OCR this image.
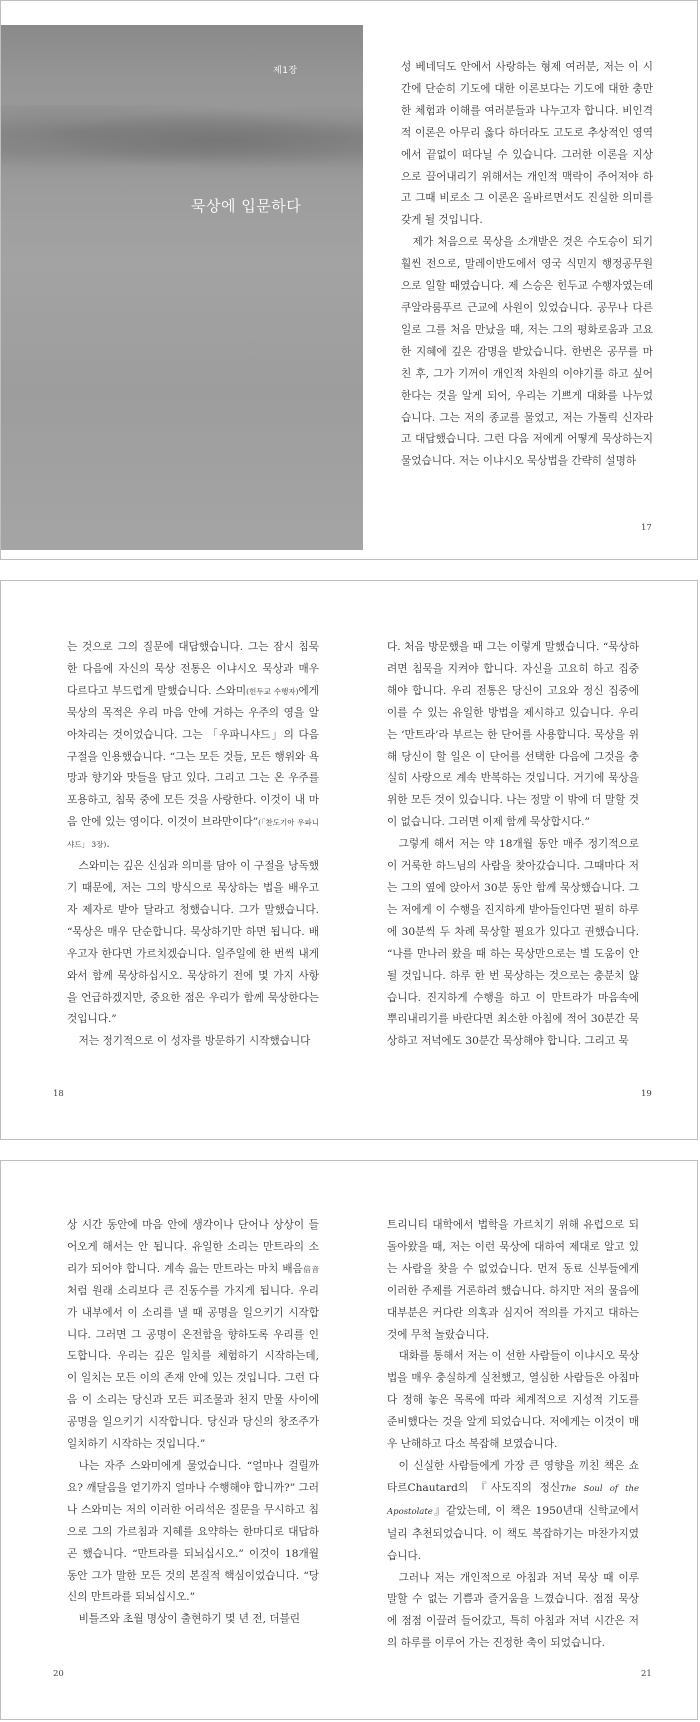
제1장
묵상에 입문하다

성 베네딕도 안에서 사랑하는 형제 여러분, 저는 이 시간에 단순히 기도에 대한 이론보다는 기도에 대한 충만한 체험과 이해를 여러분들과 나누고자 합니다. 비인격적 이론은 아무리 옳다 하더라도 고도로 추상적인 영역에서 끝없이 떠다닐 수 있습니다. 그러한 이론을 지상으로 끌어내리기 위해서는 개인적 맥락이 주어져야 하고 그때 비로소 그 이론은 올바르면서도 진실한 의미를 갖게 될 것입니다.

제가 처음으로 묵상을 소개받은 것은 수도승이 되기 훨씬 전으로, 말레이반도에서 영국 식민지 행정공무원으로 일할 때였습니다. 제 스승은 힌두교 수행자였는데 쿠알라룸푸르 근교에 사원이 있었습니다. 공무나 다른 일로 그를 처음 만났을 때, 저는 그의 평화로움과 고요한 지혜에 깊은 감명을 받았습니다. 한번은 공무를 마친 후, 그가 기꺼이 개인적 차원의 이야기를 하고 싶어 한다는 것을 알게 되어, 우리는 기쁘게 대화를 나누었습니다. 그는 저의 종교를 물었고, 저는 가톨릭 신자라고 대답했습니다. 그런 다음 저에게 어떻게 묵상하는지 물었습니다. 저는 이냐시오 묵상법을 간략히 설명하

17

는 것으로 그의 질문에 대답했습니다. 그는 잠시 침묵한 다음에 자신의 묵상 전통은 이냐시오 묵상과 매우 다르다고 부드럽게 말했습니다. 스와미(힌두교 수행자)에게 묵상의 목적은 우리 마음 안에 거하는 우주의 영을 알아차리는 것이었습니다. 그는 「우파니샤드」의 다음 구절을 인용했습니다. “그는 모든 것들, 모든 행위와 욕망과 향기와 맛들을 담고 있다. 그리고 그는 온 우주를 포용하고, 침묵 중에 모든 것을 사랑한다. 이것이 내 마음 안에 있는 영이다. 이것이 브라만이다”(「찬도기아 우파니샤드」 3장).

스와미는 깊은 신심과 의미를 담아 이 구절을 낭독했기 때문에, 저는 그의 방식으로 묵상하는 법을 배우고자 제자로 받아 달라고 청했습니다. 그가 말했습니다. “묵상은 매우 단순합니다. 묵상하기만 하면 됩니다. 배우고자 한다면 가르치겠습니다. 일주일에 한 번씩 내게 와서 함께 묵상하십시오. 묵상하기 전에 몇 가지 사항을 언급하겠지만, 중요한 점은 우리가 함께 묵상한다는 것입니다.”

저는 정기적으로 이 성자를 방문하기 시작했습니다

다. 처음 방문했을 때 그는 이렇게 말했습니다. “묵상하려면 침묵을 지켜야 합니다. 자신을 고요히 하고 집중해야 합니다. 우리 전통은 당신이 고요와 정신 집중에 이를 수 있는 유일한 방법을 제시하고 있습니다. 우리는 ‘만트라’라 부르는 한 단어를 사용합니다. 묵상을 위해 당신이 할 일은 이 단어를 선택한 다음에 그것을 충실히 사랑으로 계속 반복하는 것입니다. 거기에 묵상을 위한 모든 것이 있습니다. 나는 정말 이 밖에 더 말할 것이 없습니다. 그러면 이제 함께 묵상합시다.”

그렇게 해서 저는 약 18개월 동안 매주 정기적으로 이 거룩한 하느님의 사람을 찾아갔습니다. 그때마다 저는 그의 옆에 앉아서 30분 동안 함께 묵상했습니다. 그는 저에게 이 수행을 진지하게 받아들인다면 필히 하루에 30분씩 두 차례 묵상할 필요가 있다고 권했습니다. “나를 만나러 왔을 때 하는 묵상만으로는 별 도움이 안 될 것입니다. 하루 한 번 묵상하는 것으로는 충분치 않습니다. 진지하게 수행을 하고 이 만트라가 마음속에 뿌리내리기를 바란다면 최소한 아침에 적어 30분간 묵상하고 저녁에도 30분간 묵상해야 합니다. 그리고 묵

18	19

상 시간 동안에 마음 안에 생각이나 단어나 상상이 들어오게 해서는 안 됩니다. 유일한 소리는 만트라의 소리가 되어야 합니다. 계속 읊는 만트라는 마치 배음倍音처럼 원래 소리보다 큰 진동수를 가지게 됩니다. 우리가 내부에서 이 소리를 낼 때 공명을 일으키기 시작합니다. 그러면 그 공명이 온전함을 향하도록 우리를 인도합니다. 우리는 깊은 일치를 체험하기 시작하는데, 이 일치는 모든 이의 존재 안에 있는 것입니다. 그런 다음 이 소리는 당신과 모든 피조물과 천지 만물 사이에 공명을 일으키기 시작합니다. 당신과 당신의 창조주가 일치하기 시작하는 것입니다.”

나는 자주 스와미에게 물었습니다. “얼마나 걸릴까요? 깨달음을 얻기까지 얼마나 수행해야 합니까?” 그러나 스와미는 저의 이러한 어리석은 질문을 무시하고 침으로 그의 가르침과 지혜를 요약하는 한마디로 대답하곤 했습니다. “만트라를 되뇌십시오.” 이것이 18개월 동안 그가 말한 모든 것의 본질적 핵심이었습니다. “당신의 만트라를 되뇌십시오.”

비틀즈와 초월 명상이 출현하기 몇 년 전, 더블린

트리니티 대학에서 법학을 가르치기 위해 유럽으로 되돌아왔을 때, 저는 이런 묵상에 대하여 제대로 알고 있는 사람을 찾을 수 없었습니다. 먼저 동료 신부들에게 이러한 주제를 거론하려 했습니다. 하지만 저의 물음에 대부분은 커다란 의혹과 심지어 적의를 가지고 대하는 것에 무척 놀랐습니다.

대화를 통해서 저는 이 선한 사람들이 이냐시오 묵상법을 매우 충실하게 실천했고, 열심한 사람들은 아침마다 정해 놓은 목록에 따라 체계적으로 지성적 기도를 준비했다는 것을 알게 되었습니다. 저에게는 이것이 매우 난해하고 다소 복잡해 보였습니다.

이 신실한 사람들에게 가장 큰 영향을 끼친 책은 쇼타르Chautard의 『사도직의 정신The Soul of the Apostolate』같았는데, 이 책은 1950년대 신학교에서 널리 추천되었습니다. 이 책도 복잡하기는 마찬가지였습니다.

그러나 저는 개인적으로 아침과 저녁 묵상 때 이루 말할 수 없는 기쁨과 즐거움을 느꼈습니다. 점점 묵상에 점점 이끌려 들어갔고, 특히 아침과 저녁 시간은 저의 하루를 이루어 가는 진정한 축이 되었습니다.

20	21
